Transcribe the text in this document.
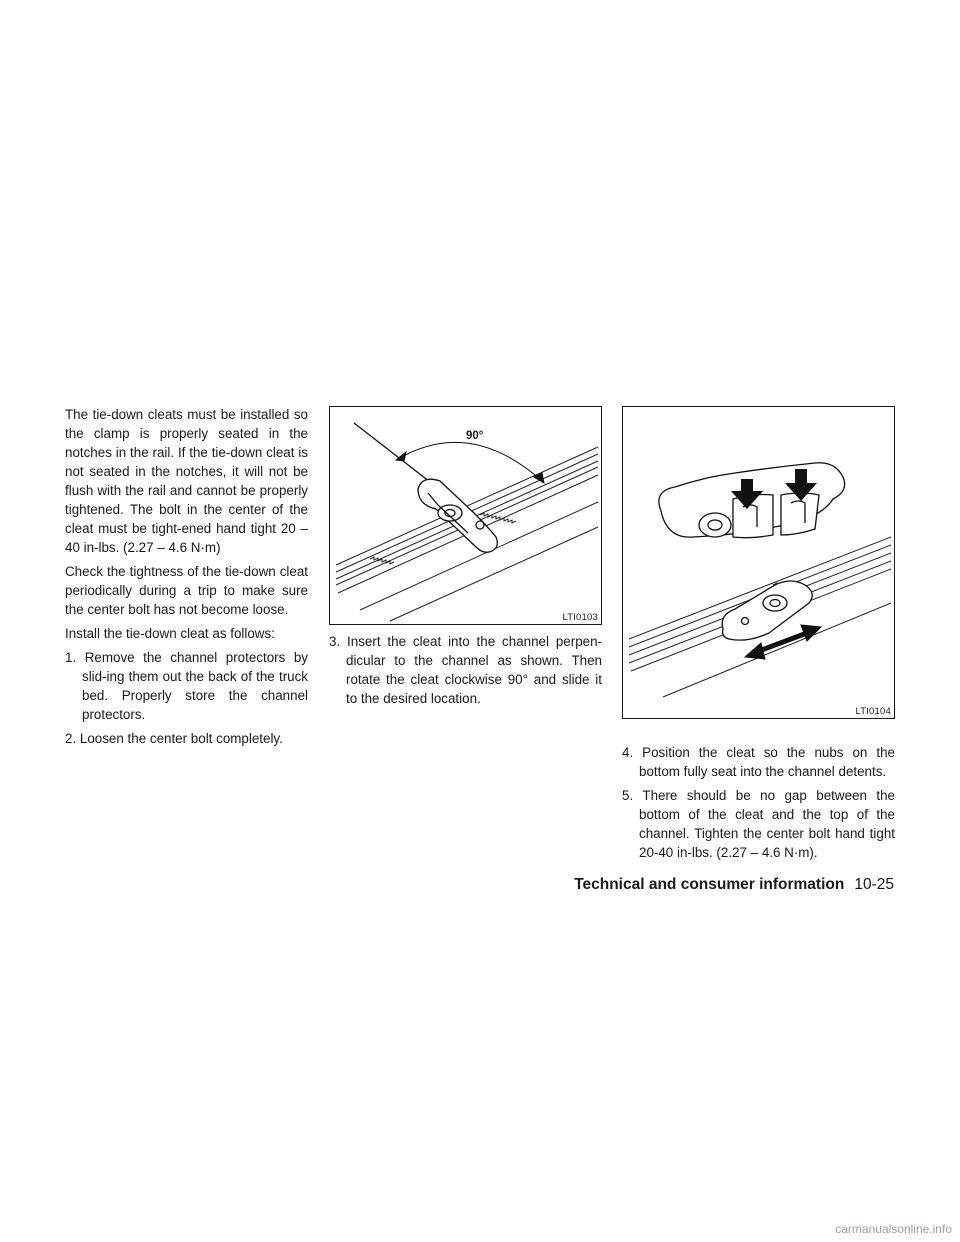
The tie-down cleats must be installed so the clamp is properly seated in the notches in the rail. If the tie-down cleat is not seated in the notches, it will not be flush with the rail and cannot be properly tightened. The bolt in the center of the cleat must be tight-ened hand tight 20 – 40 in-lbs. (2.27 – 4.6 N·m)

Check the tightness of the tie-down cleat periodically during a trip to make sure the center bolt has not become loose.

Install the tie-down cleat as follows:

1. Remove the channel protectors by slid-ing them out the back of the truck bed. Properly store the channel protectors.

2. Loosen the center bolt completely.

90°
LTI0103

3. Insert the cleat into the channel perpen-dicular to the channel as shown. Then rotate the cleat clockwise 90° and slide it to the desired location.

LTI0104

4. Position the cleat so the nubs on the bottom fully seat into the channel detents.

5. There should be no gap between the bottom of the cleat and the top of the channel. Tighten the center bolt hand tight 20-40 in-lbs. (2.27 – 4.6 N·m).

Technical and consumer information 10-25
carmanualsonline.info
